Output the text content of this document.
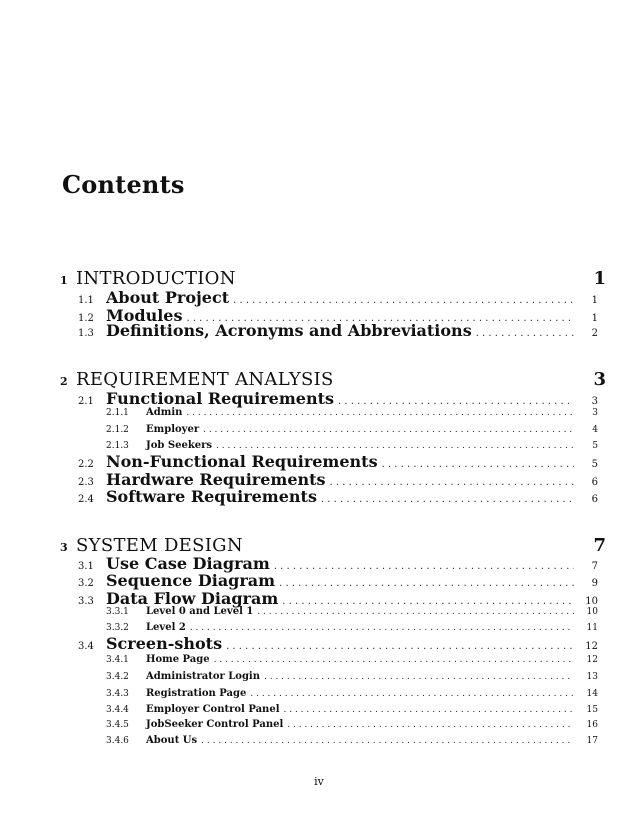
Contents
1 INTRODUCTION	1
1.1 About Project . . .	1
1.2 Modules . . .	1
1.3 Definitions, Acronyms and Abbreviations . . .	2
2 REQUIREMENT ANALYSIS	3
2.1 Functional Requirements . . .	3
2.1.1	Admin . . .	3
2.1.2	Employer . . .	4
2.1.3	Job Seekers . . .	5
2.2 Non-Functional Requirements . . .	5
2.3 Hardware Requirements . . .	6
2.4 Software Requirements . . .	6
3 SYSTEM DESIGN	7
3.1 Use Case Diagram . . .	7
3.2 Sequence Diagram . . .	9
3.3 Data Flow Diagram . . .	10
3.3.1	Level 0 and Level 1 . . .	10
3.3.2	Level 2 . . .	11
3.4 Screen-shots . . .	12
3.4.1	Home Page . . .	12
3.4.2	Administrator Login . . .	13
3.4.3	Registration Page . . .	14
3.4.4	Employer Control Panel . . .	15
3.4.5	JobSeeker Control Panel . . .	16
3.4.6	About Us . . .	17
iv
